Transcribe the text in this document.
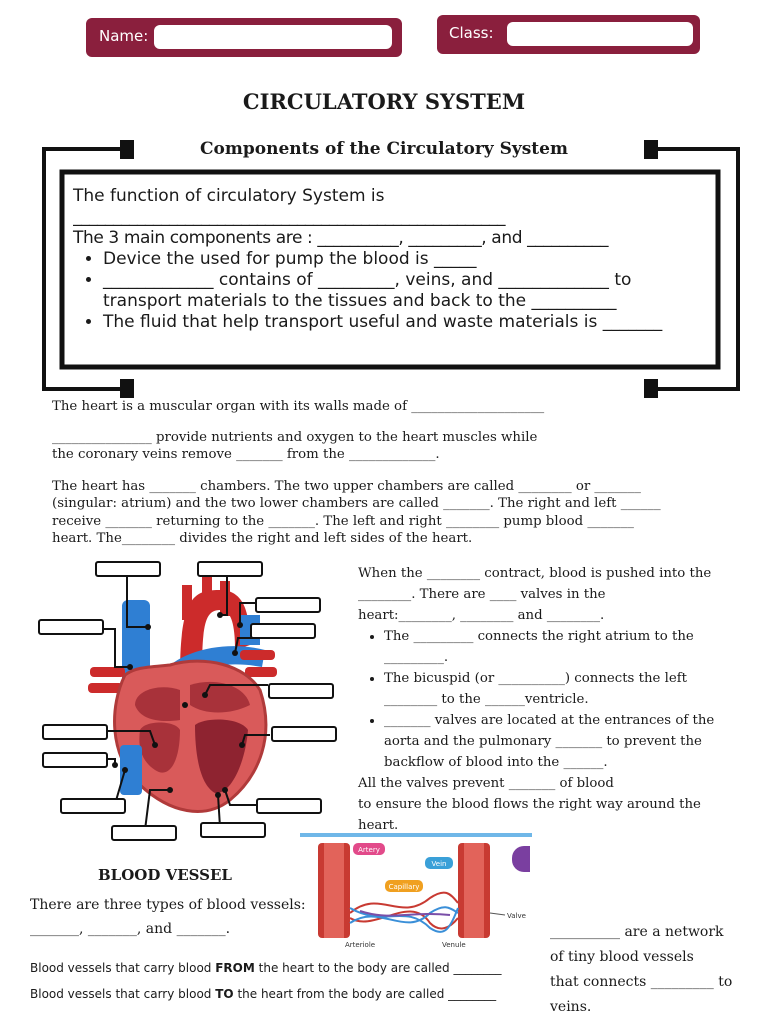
Name:	Class:
CIRCULATORY SYSTEM
Components of the Circulatory System
The function of circulatory System is
______________________________________________________
The 3 main components are : __________, _________, and __________
• Device the used for pump the blood is _____
• _____________ contains of _________, veins, and _____________ to transport materials to the tissues and back to the __________
• The fluid that help transport useful and waste materials is _______
The heart is a muscular organ with its walls made of ____________________
_______________ provide nutrients and oxygen to the heart muscles while
the coronary veins remove _______ from the _____________.
The heart has _______ chambers. The two upper chambers are called ________ or _______
(singular: atrium) and the two lower chambers are called _______. The right and left ______
receive _______ returning to the _______. The left and right ________ pump blood _______
heart. The________ divides the right and left sides of the heart.
When the ________ contract, blood is pushed into the
________. There are ____ valves in the
heart:________, ________ and ________.
• The _________ connects the right atrium to the _________.
• The bicuspid (or __________) connects the left ________ to the ______ventricle.
• _______ valves are located at the entrances of the aorta and the pulmonary _______ to prevent the backflow of blood into the ______.
All the valves prevent _______ of blood
to ensure the blood flows the right way around the
heart.
BLOOD VESSEL
There are three types of blood vessels:
_______, _______, and _______.
Blood vessels that carry blood FROM the heart to the body are called ________
Blood vessels that carry blood TO the heart from the body are called ________
Artery
Vein
Capillary
Valve
Arteriole	Venule
__________ are a network
of tiny blood vessels
that connects _________ to
veins.
